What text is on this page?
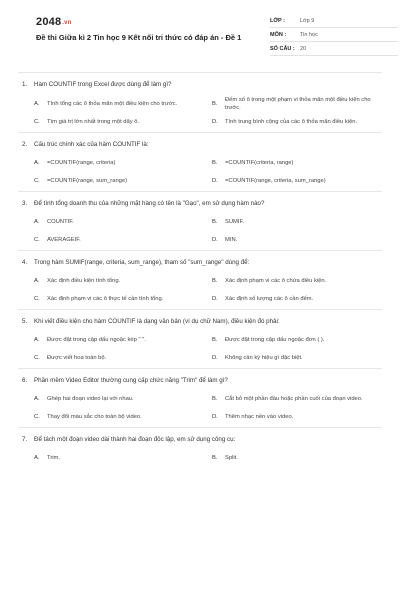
2048.vn
Đề thi Giữa kì 2 Tin học 9 Kết nối tri thức có đáp án - Đề 1
LỚP :	Lớp 9
MÔN :	Tin học
SỐ CÂU : 20
1.	Hàm COUNTIF trong Excel được dùng để làm gì?
A.	Tính tổng các ô thỏa mãn một điều kiện cho trước.	B.
Đếm số ô trong một phạm vi thỏa mãn một điều kiện cho trước.
C.	Tìm giá trị lớn nhất trong một dãy ô.	D.	Tính trung bình cộng của các ô thỏa mãn điều kiện.
2.	Cấu trúc chính xác của hàm COUNTIF là:
A.	=COUNTIF(range, criteria)	B.	=COUNTIF(criteria, range)
C.	=COUNTIF(range, sum_range)	D.	=COUNTIF(range, criteria, sum_range)
3.	Để tính tổng doanh thu của những mặt hàng có tên là "Gạo", em sử dụng hàm nào?
A.	COUNTIF.	B.	SUMIF.
C.	AVERAGEIF.	D.	MIN.
4.	Trong hàm SUMIF(range, criteria, sum_range), tham số "sum_range" dùng để:
A.	Xác định điều kiện tính tổng.	B.	Xác định phạm vi các ô chứa điều kiện.
C.	Xác định phạm vi các ô thực tế cần tính tổng.	D.	Xác định số lượng các ô cần đếm.
5.	Khi viết điều kiện cho hàm COUNTIF là dạng văn bản (ví dụ chữ Nam), điều kiện đó phải:
A.	Được đặt trong cặp dấu ngoặc kép " ".	B.	Được đặt trong cặp dấu ngoặc đơn ( ).
C.	Được viết hoa toàn bộ.	D.	Không cần ký hiệu gì đặc biệt.
6.	Phần mềm Video Editor thường cung cấp chức năng "Trim" để làm gì?
A.	Ghép hai đoạn video lại với nhau.	B.	Cắt bỏ một phần đầu hoặc phần cuối của đoạn video.
C.	Thay đổi màu sắc cho toàn bộ video.	D.	Thêm nhạc nền vào video.
7.	Để tách một đoạn video dài thành hai đoạn độc lập, em sử dụng công cụ:
A.	Trim.	B.	Split.
